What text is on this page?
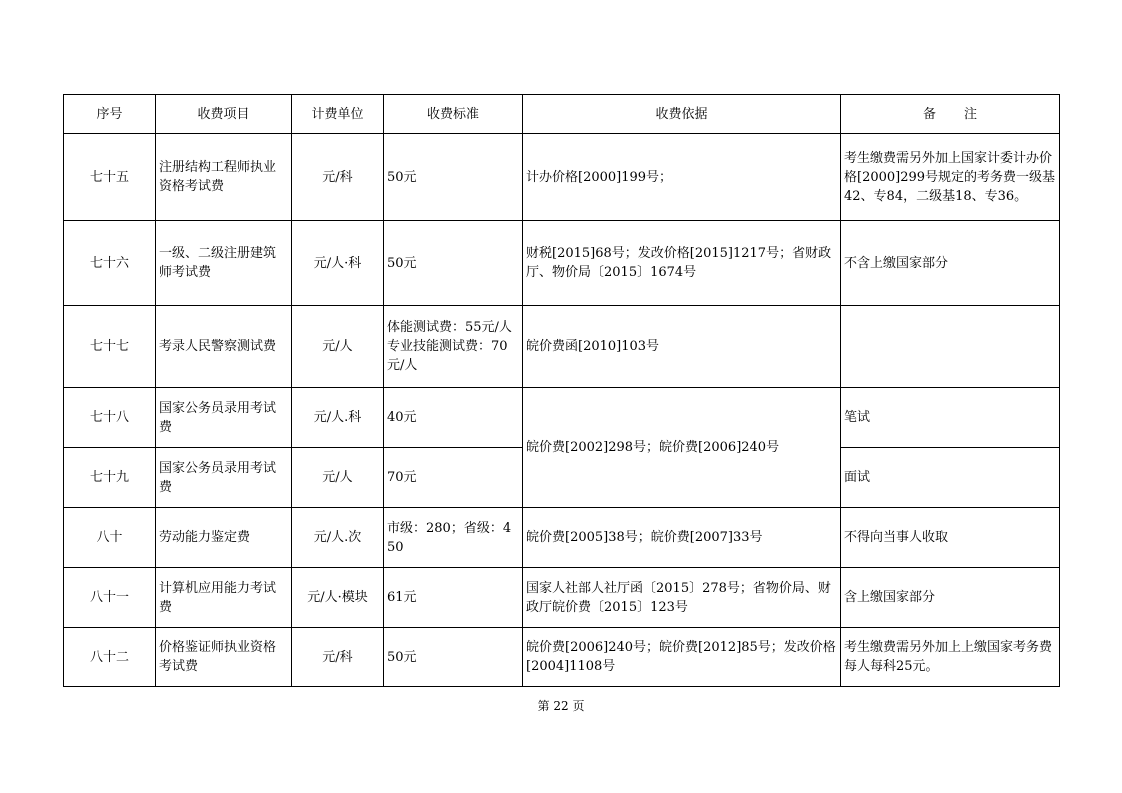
序号	收费项目	计费单位	收费标准	收费依据	备注
七十五	注册结构工程师执业资格考试费	元/科	50元	计办价格[2000]199号；	考生缴费需另外加上国家计委计办价格[2000]299号规定的考务费一级基42、专84，二级基18、专36。
七十六	一级、二级注册建筑师考试费	元/人·科	50元	财税[2015]68号；发改价格[2015]1217号；省财政厅、物价局〔2015〕1674号	不含上缴国家部分
七十七	考录人民警察测试费	元/人	体能测试费：55元/人　　　　专业技能测试费：70元/人	皖价费函[2010]103号	
七十八	国家公务员录用考试费	元/人.科	40元	皖价费[2002]298号；皖价费[2006]240号	笔试
七十九	国家公务员录用考试费	元/人	70元		面试
八十	劳动能力鉴定费	元/人.次	市级：280；省级：450	皖价费[2005]38号；皖价费[2007]33号	不得向当事人收取
八十一	计算机应用能力考试费	元/人·模块	61元	国家人社部人社厅函〔2015〕278号；省物价局、财政厅皖价费〔2015〕123号	含上缴国家部分
八十二	价格鉴证师执业资格考试费	元/科	50元	皖价费[2006]240号；皖价费[2012]85号；发改价格[2004]1108号	考生缴费需另外加上上缴国家考务费每人每科25元。
第 22 页
